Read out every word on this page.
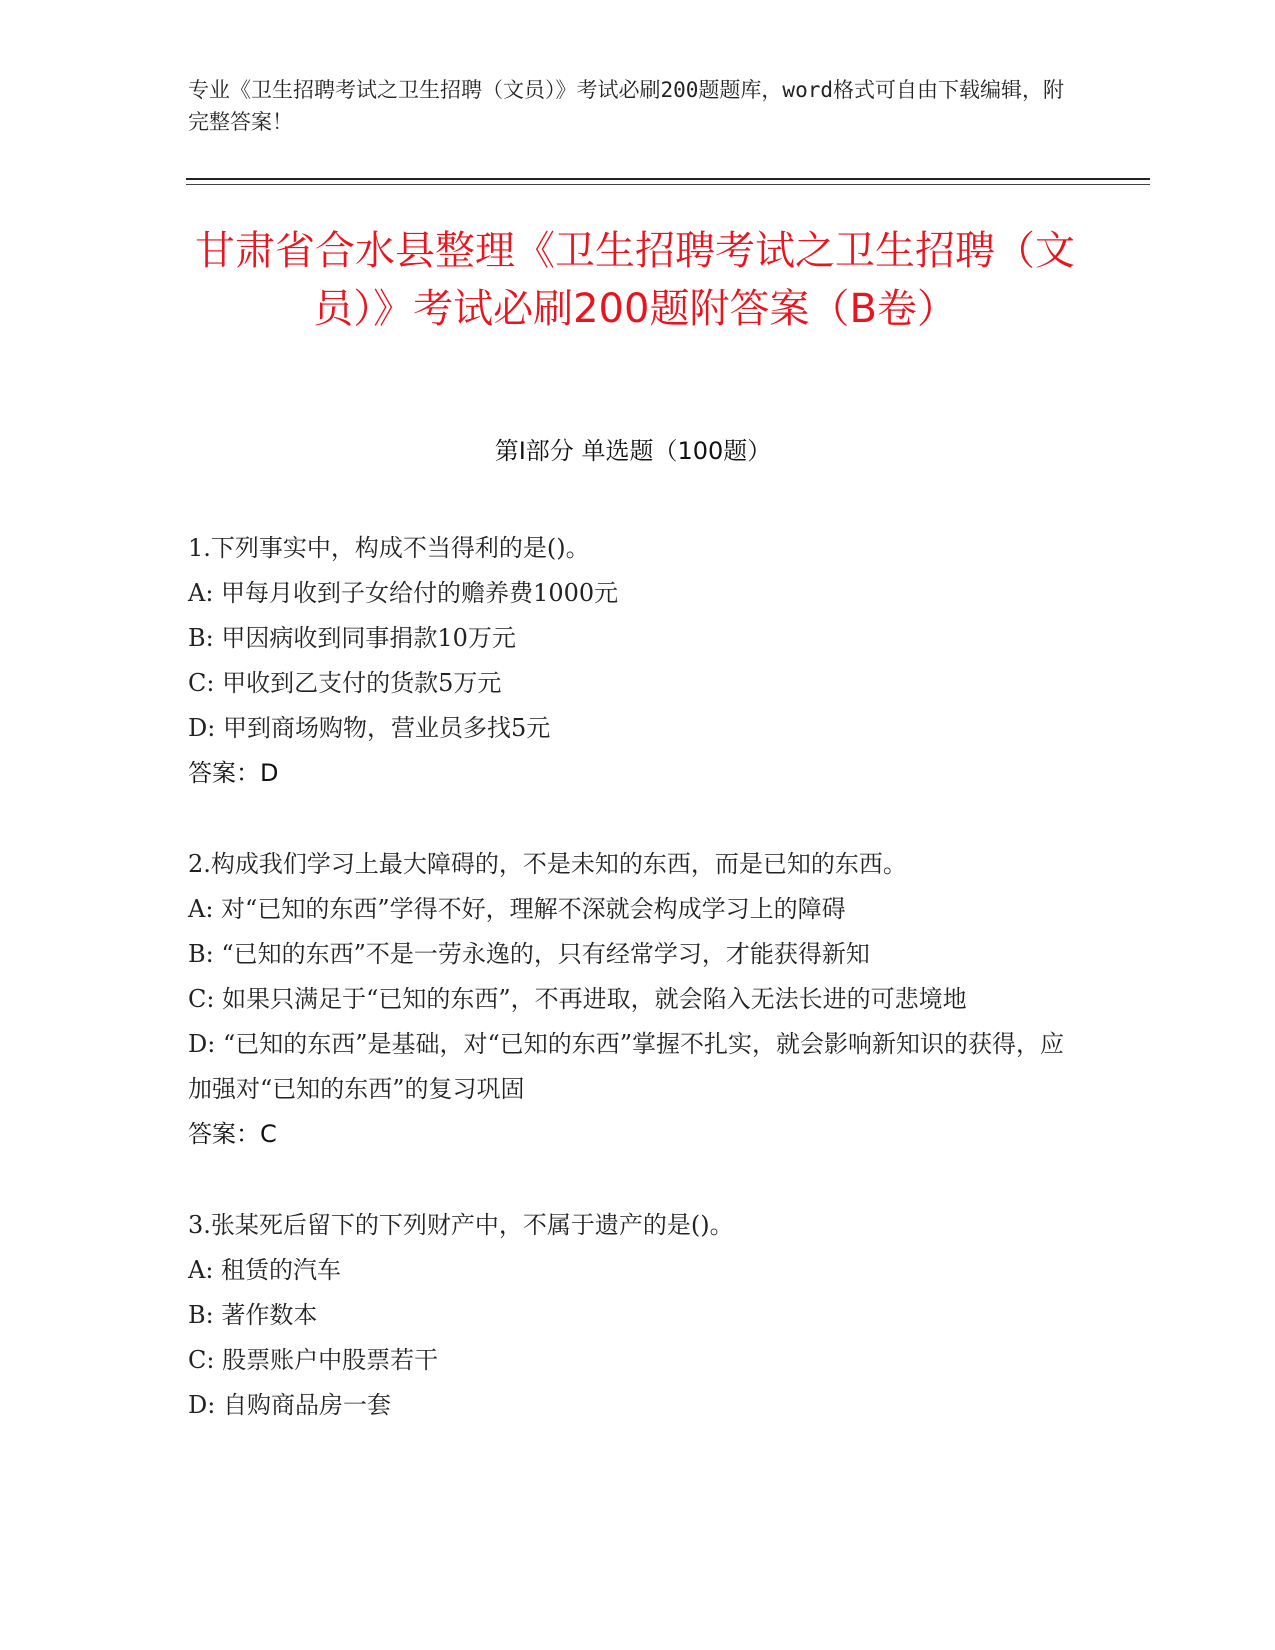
专业《卫生招聘考试之卫生招聘（文员）》考试必刷200题题库，word格式可自由下载编辑，附完整答案！
甘肃省合水县整理《卫生招聘考试之卫生招聘（文员）》考试必刷200题附答案（B卷）
第Ⅰ部分 单选题（100题）
1.下列事实中，构成不当得利的是()。
A: 甲每月收到子女给付的赡养费1000元
B: 甲因病收到同事捐款10万元
C: 甲收到乙支付的货款5万元
D: 甲到商场购物，营业员多找5元
答案：D
2.构成我们学习上最大障碍的，不是未知的东西，而是已知的东西。
A: 对“已知的东西”学得不好，理解不深就会构成学习上的障碍
B: “已知的东西”不是一劳永逸的，只有经常学习，才能获得新知
C: 如果只满足于“已知的东西”，不再进取，就会陷入无法长进的可悲境地
D: “已知的东西”是基础，对“已知的东西”掌握不扎实，就会影响新知识的获得，应加强对“已知的东西”的复习巩固
答案：C
3.张某死后留下的下列财产中，不属于遗产的是()。
A: 租赁的汽车
B: 著作数本
C: 股票账户中股票若干
D: 自购商品房一套
